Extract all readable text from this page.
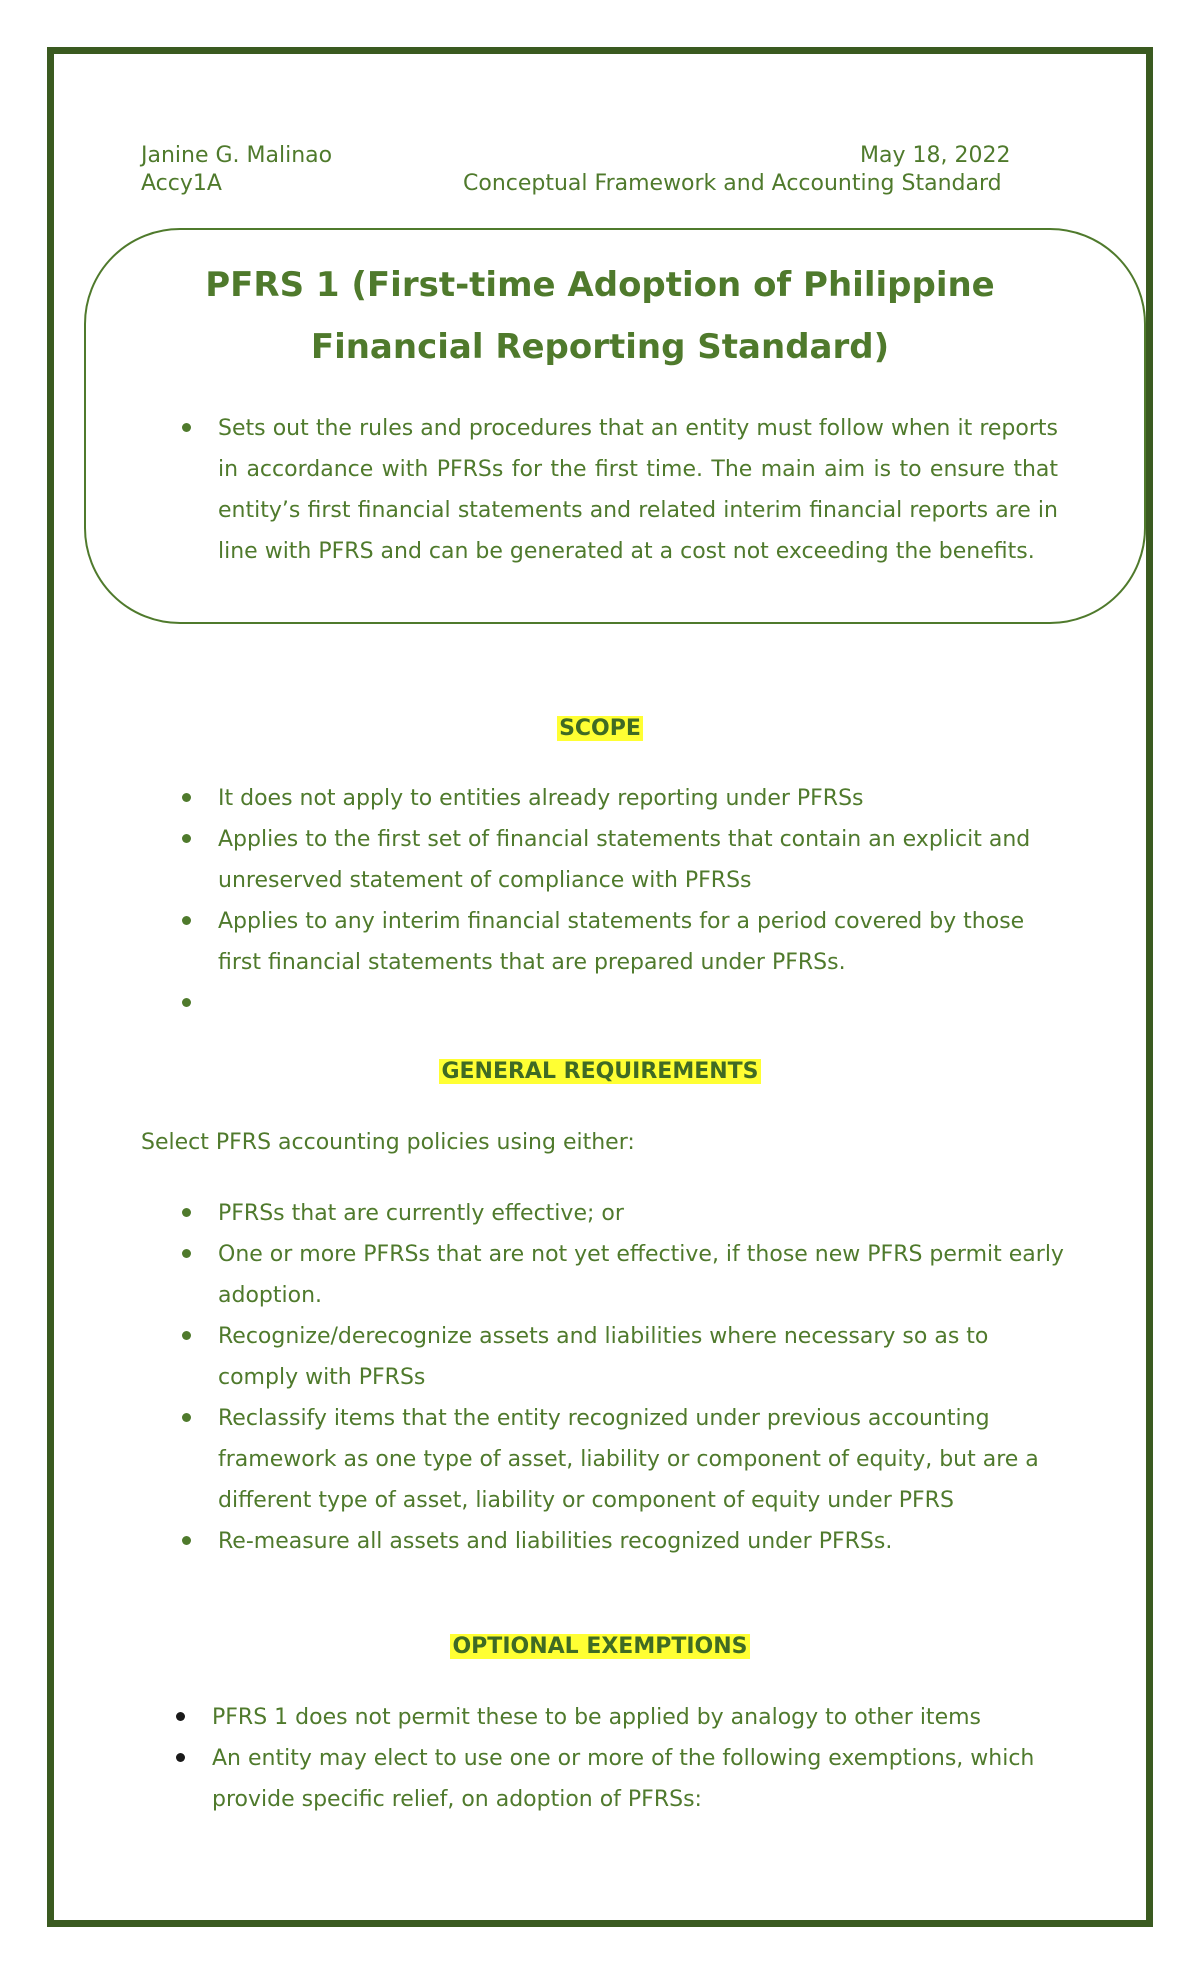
Janine G. Malinao	May 18, 2022
Accy1A	Conceptual Framework and Accounting Standard
PFRS 1 (First-time Adoption of Philippine
Financial Reporting Standard)
Sets out the rules and procedures that an entity must follow when it reports in accordance with PFRSs for the first time. The main aim is to ensure that entity’s first financial statements and related interim financial reports are in line with PFRS and can be generated at a cost not exceeding the benefits.
SCOPE
It does not apply to entities already reporting under PFRSs
Applies to the first set of financial statements that contain an explicit and unreserved statement of compliance with PFRSs
Applies to any interim financial statements for a period covered by those first financial statements that are prepared under PFRSs.
GENERAL REQUIREMENTS
Select PFRS accounting policies using either:
PFRSs that are currently effective; or
One or more PFRSs that are not yet effective, if those new PFRS permit early adoption.
Recognize/derecognize assets and liabilities where necessary so as to comply with PFRSs
Reclassify items that the entity recognized under previous accounting framework as one type of asset, liability or component of equity, but are a different type of asset, liability or component of equity under PFRS
Re-measure all assets and liabilities recognized under PFRSs.
OPTIONAL EXEMPTIONS
PFRS 1 does not permit these to be applied by analogy to other items
An entity may elect to use one or more of the following exemptions, which provide specific relief, on adoption of PFRSs:
